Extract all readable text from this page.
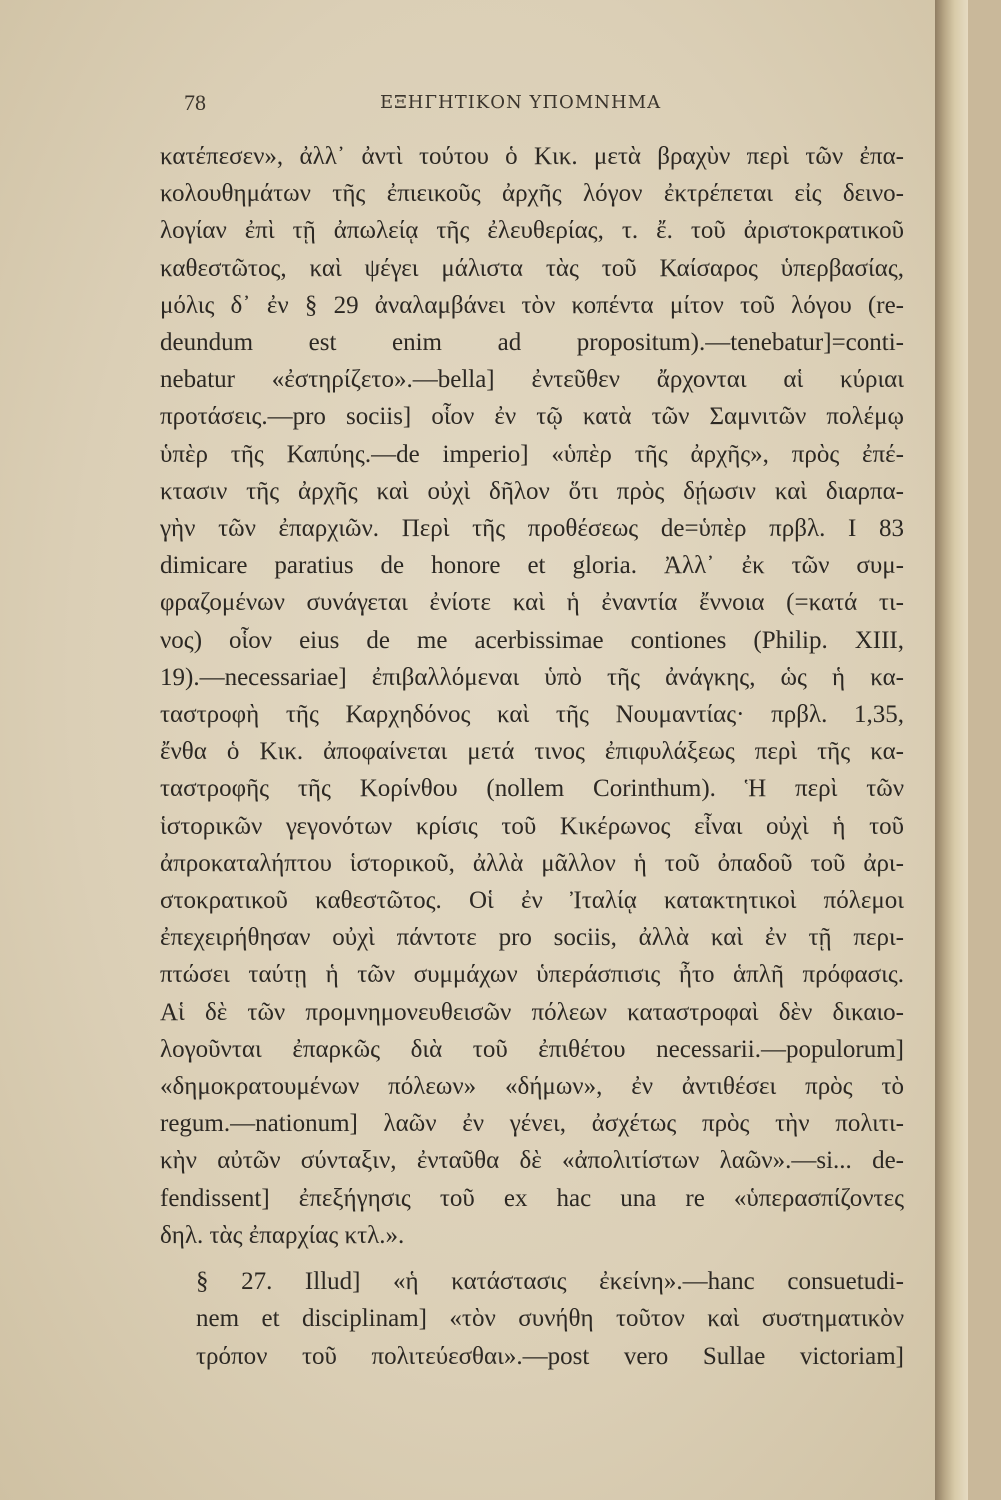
78	ΕΞΗΓΗΤΙΚΟΝ ΥΠΟΜΝΗΜΑ
κατέπεσεν», ἀλλ᾽ ἀντὶ τούτου ὁ Κικ. μετὰ βραχὺν περὶ τῶν ἐπα-
κολουθημάτων τῆς ἐπιεικοῦς ἀρχῆς λόγον ἐκτρέπεται εἰς δεινο-
λογίαν ἐπὶ τῇ ἀπωλείᾳ τῆς ἐλευθερίας, τ. ἔ. τοῦ ἀριστοκρατικοῦ
καθεστῶτος, καὶ ψέγει μάλιστα τὰς τοῦ Καίσαρος ὑπερβασίας,
μόλις δ᾽ ἐν § 29 ἀναλαμβάνει τὸν κοπέντα μίτον τοῦ λόγου (re-
deundum est enim ad propositum).—tenebatur]=conti-
nebatur «ἐστηρίζετο».—bella] ἐντεῦθεν ἄρχονται αἱ κύριαι
προτάσεις.—pro sociis] οἷον ἐν τῷ κατὰ τῶν Σαμνιτῶν πολέμῳ
ὑπὲρ τῆς Καπύης.—de imperio] «ὑπὲρ τῆς ἀρχῆς», πρὸς ἐπέ-
κτασιν τῆς ἀρχῆς καὶ οὐχὶ δῆλον ὅτι πρὸς δῄωσιν καὶ διαρπα-
γὴν τῶν ἐπαρχιῶν. Περὶ τῆς προθέσεως de=ὑπὲρ πρβλ. I 83
dimicare paratius de honore et gloria. Ἀλλ᾽ ἐκ τῶν συμ-
φραζομένων συνάγεται ἐνίοτε καὶ ἡ ἐναντία ἔννοια (=κατά τι-
νος) οἷον eius de me acerbissimae contiones (Philip. XIII,
19).—necessariae] ἐπιβαλλόμεναι ὑπὸ τῆς ἀνάγκης, ὡς ἡ κα-
ταστροφὴ τῆς Καρχηδόνος καὶ τῆς Νουμαντίας· πρβλ. 1,35,
ἔνθα ὁ Κικ. ἀποφαίνεται μετά τινος ἐπιφυλάξεως περὶ τῆς κα-
ταστροφῆς τῆς Κορίνθου (nollem Corinthum). Ἡ περὶ τῶν
ἱστορικῶν γεγονότων κρίσις τοῦ Κικέρωνος εἶναι οὐχὶ ἡ τοῦ
ἀπροκαταλήπτου ἱστορικοῦ, ἀλλὰ μᾶλλον ἡ τοῦ ὀπαδοῦ τοῦ ἀρι-
στοκρατικοῦ καθεστῶτος. Οἱ ἐν Ἰταλίᾳ κατακτητικοὶ πόλεμοι
ἐπεχειρήθησαν οὐχὶ πάντοτε pro sociis, ἀλλὰ καὶ ἐν τῇ περι-
πτώσει ταύτῃ ἡ τῶν συμμάχων ὑπεράσπισις ἦτο ἁπλῆ πρόφασις.
Αἱ δὲ τῶν προμνημονευθεισῶν πόλεων καταστροφαὶ δὲν δικαιο-
λογοῦνται ἐπαρκῶς διὰ τοῦ ἐπιθέτου necessarii.—populorum]
«δημοκρατουμένων πόλεων» «δήμων», ἐν ἀντιθέσει πρὸς τὸ
regum.—nationum] λαῶν ἐν γένει, ἀσχέτως πρὸς τὴν πολιτι-
κὴν αὐτῶν σύνταξιν, ἐνταῦθα δὲ «ἀπολιτίστων λαῶν».—si... de-
fendissent] ἐπεξήγησις τοῦ ex hac una re «ὑπερασπίζοντες
δηλ. τὰς ἐπαρχίας κτλ.».
§ 27. Illud] «ἡ κατάστασις ἐκείνη».—hanc consuetudi-
nem et disciplinam] «τὸν συνήθη τοῦτον καὶ συστηματικὸν
τρόπον τοῦ πολιτεύεσθαι».—post vero Sullae victoriam]
